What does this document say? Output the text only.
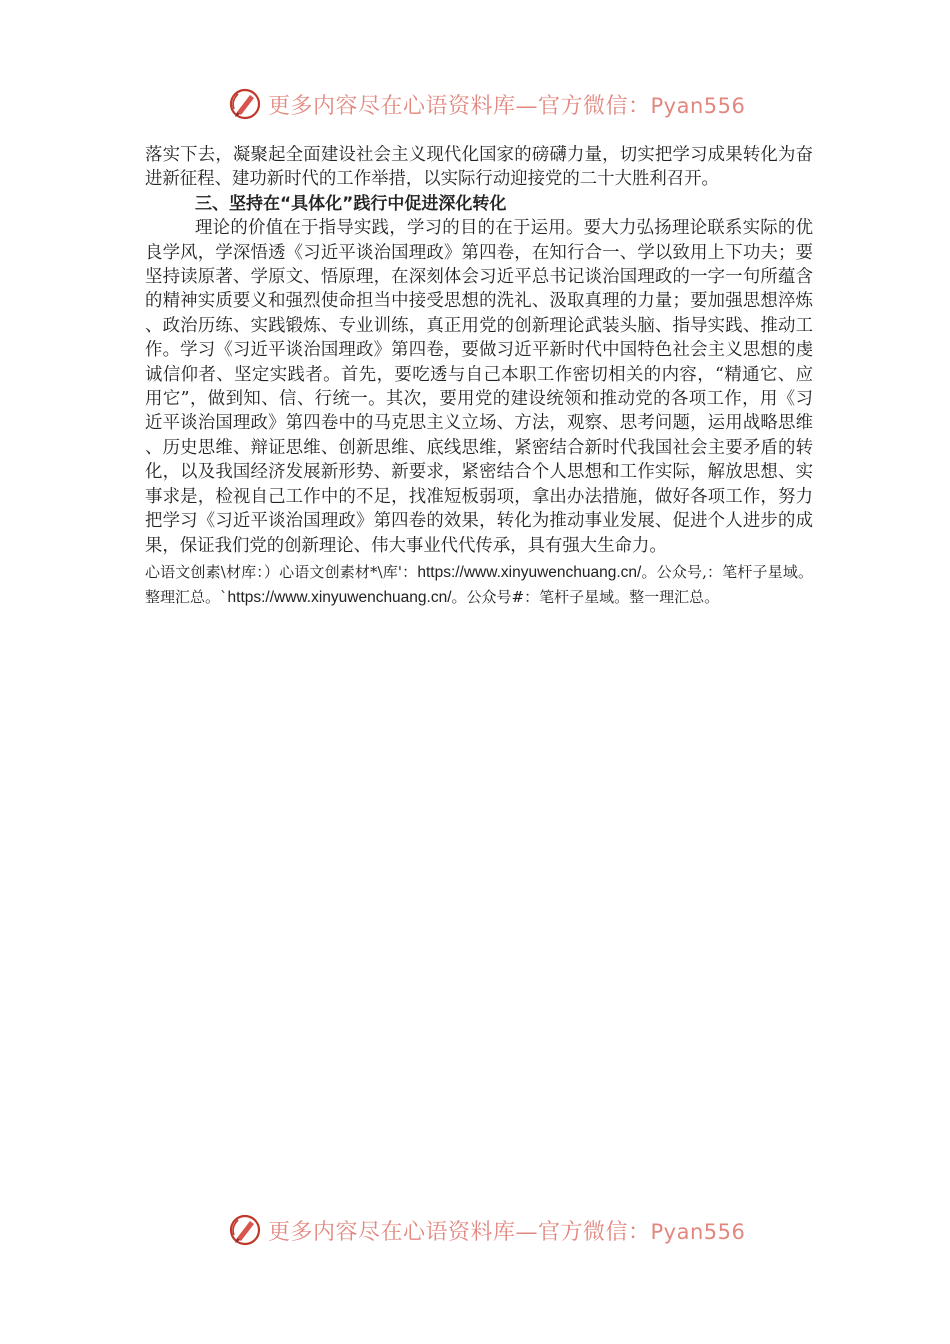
更多内容尽在心语资料库—官方微信：Pyan556

落实下去，凝聚起全面建设社会主义现代化国家的磅礴力量，切实把学习成果转化为奋进新征程、建功新时代的工作举措，以实际行动迎接党的二十大胜利召开。

三、坚持在“具体化”践行中促进深化转化

理论的价值在于指导实践，学习的目的在于运用。要大力弘扬理论联系实际的优良学风，学深悟透《习近平谈治国理政》第四卷，在知行合一、学以致用上下功夫；要坚持读原著、学原文、悟原理，在深刻体会习近平总书记谈治国理政的一字一句所蕴含的精神实质要义和强烈使命担当中接受思想的洗礼、汲取真理的力量；要加强思想淬炼、政治历练、实践锻炼、专业训练，真正用党的创新理论武装头脑、指导实践、推动工作。学习《习近平谈治国理政》第四卷，要做习近平新时代中国特色社会主义思想的虔诚信仰者、坚定实践者。首先，要吃透与自己本职工作密切相关的内容，“精通它、应用它”，做到知、信、行统一。其次，要用党的建设统领和推动党的各项工作，用《习近平谈治国理政》第四卷中的马克思主义立场、方法，观察、思考问题，运用战略思维、历史思维、辩证思维、创新思维、底线思维，紧密结合新时代我国社会主要矛盾的转化，以及我国经济发展新形势、新要求，紧密结合个人思想和工作实际，解放思想、实事求是，检视自己工作中的不足，找准短板弱项，拿出办法措施，做好各项工作，努力把学习《习近平谈治国理政》第四卷的效果，转化为推动事业发展、促进个人进步的成果，保证我们党的创新理论、伟大事业代代传承，具有强大生命力。

心语文创素\材库：）心语文创素材*\库'：https://www.xinyuwenchuang.cn/。公众号,：笔杆子星域。整理汇总。`https://www.xinyuwenchuang.cn/。公众号#：笔杆子星域。整一理汇总。

更多内容尽在心语资料库—官方微信：Pyan556
